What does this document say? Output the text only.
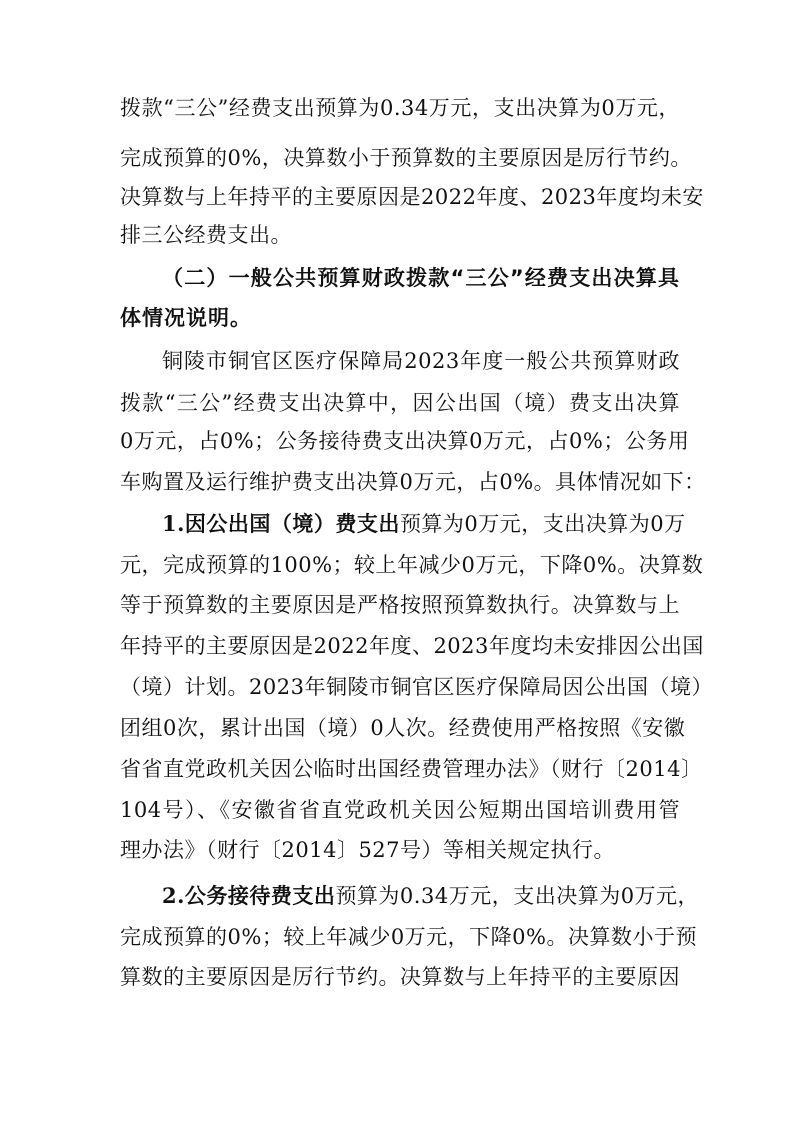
拨款“三公”经费支出预算为0.34万元，支出决算为0万元，
完成预算的0%，决算数小于预算数的主要原因是厉行节约。
决算数与上年持平的主要原因是2022年度、2023年度均未安
排三公经费支出。
（二）一般公共预算财政拨款“三公”经费支出决算具
体情况说明。
铜陵市铜官区医疗保障局2023年度一般公共预算财政
拨款“三公”经费支出决算中，因公出国（境）费支出决算
0万元，占0%；公务接待费支出决算0万元，占0%；公务用
车购置及运行维护费支出决算0万元，占0%。具体情况如下：
1.因公出国（境）费支出预算为0万元，支出决算为0万
元，完成预算的100%；较上年减少0万元，下降0%。决算数
等于预算数的主要原因是严格按照预算数执行。决算数与上
年持平的主要原因是2022年度、2023年度均未安排因公出国
（境）计划。2023年铜陵市铜官区医疗保障局因公出国（境）
团组0次，累计出国（境）0人次。经费使用严格按照《安徽
省省直党政机关因公临时出国经费管理办法》（财行〔2014〕
104号）、《安徽省省直党政机关因公短期出国培训费用管
理办法》（财行〔2014〕527号）等相关规定执行。
2.公务接待费支出预算为0.34万元，支出决算为0万元，
完成预算的0%；较上年减少0万元，下降0%。决算数小于预
算数的主要原因是厉行节约。决算数与上年持平的主要原因
